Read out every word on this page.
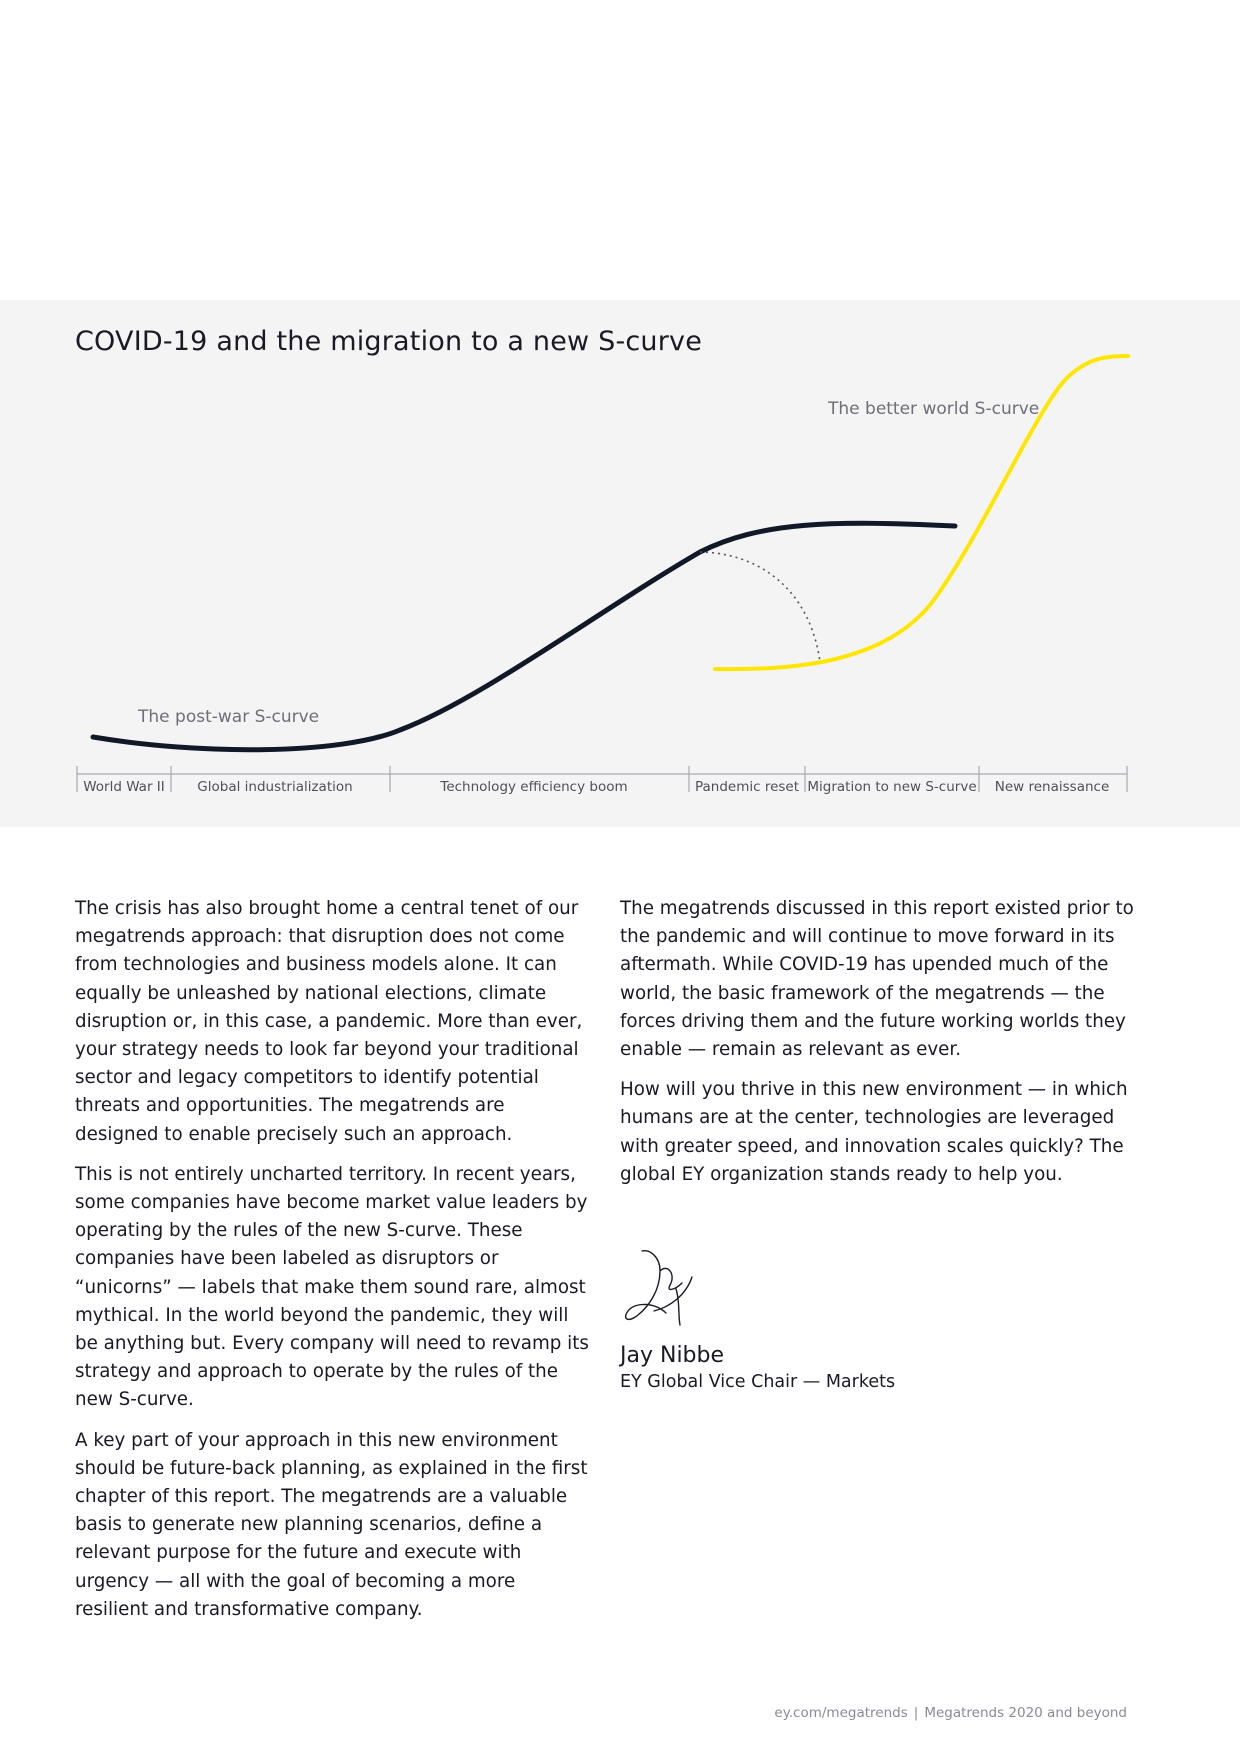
COVID-19 and the migration to a new S-curve
The post-war S-curve
The better world S-curve
World War II Global industrialization	Technology efficiency boom	Pandemic reset Migration to new S-curve New renaissance

The crisis has also brought home a central tenet of our megatrends approach: that disruption does not come from technologies and business models alone. It can equally be unleashed by national elections, climate disruption or, in this case, a pandemic. More than ever, your strategy needs to look far beyond your traditional sector and legacy competitors to identify potential threats and opportunities. The megatrends are designed to enable precisely such an approach.

This is not entirely uncharted territory. In recent years, some companies have become market value leaders by operating by the rules of the new S-curve. These companies have been labeled as disruptors or “unicorns” — labels that make them sound rare, almost mythical. In the world beyond the pandemic, they will be anything but. Every company will need to revamp its strategy and approach to operate by the rules of the new S-curve.

A key part of your approach in this new environment should be future-back planning, as explained in the first chapter of this report. The megatrends are a valuable basis to generate new planning scenarios, define a relevant purpose for the future and execute with urgency — all with the goal of becoming a more resilient and transformative company.

The megatrends discussed in this report existed prior to the pandemic and will continue to move forward in its aftermath. While COVID-19 has upended much of the world, the basic framework of the megatrends — the forces driving them and the future working worlds they enable — remain as relevant as ever.

How will you thrive in this new environment — in which humans are at the center, technologies are leveraged with greater speed, and innovation scales quickly? The global EY organization stands ready to help you.

Jay Nibbe
EY Global Vice Chair — Markets
ey.com/megatrends | Megatrends 2020 and beyond
